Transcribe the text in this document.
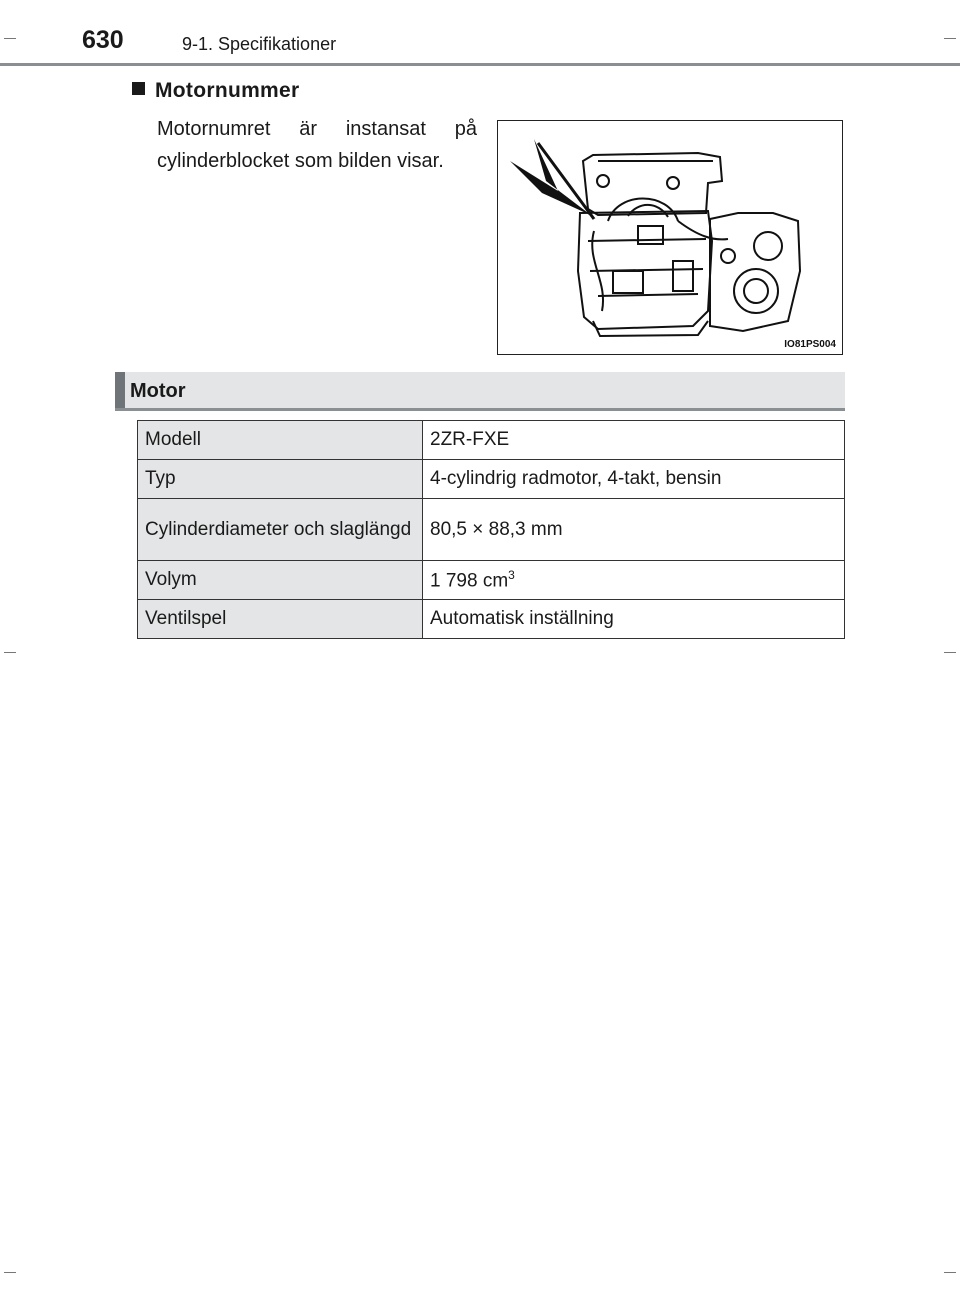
630	9-1. Specifikationer
Motornummer
Motornumret är instansat på cylinderblocket som bilden visar.
IO81PS004
Motor
Modell	2ZR-FXE
Typ	4-cylindrig radmotor, 4-takt, bensin
Cylinderdiameter och slaglängd	80,5 × 88,3 mm
Volym	1 798 $cm^3$
Ventilspel	Automatisk inställning
